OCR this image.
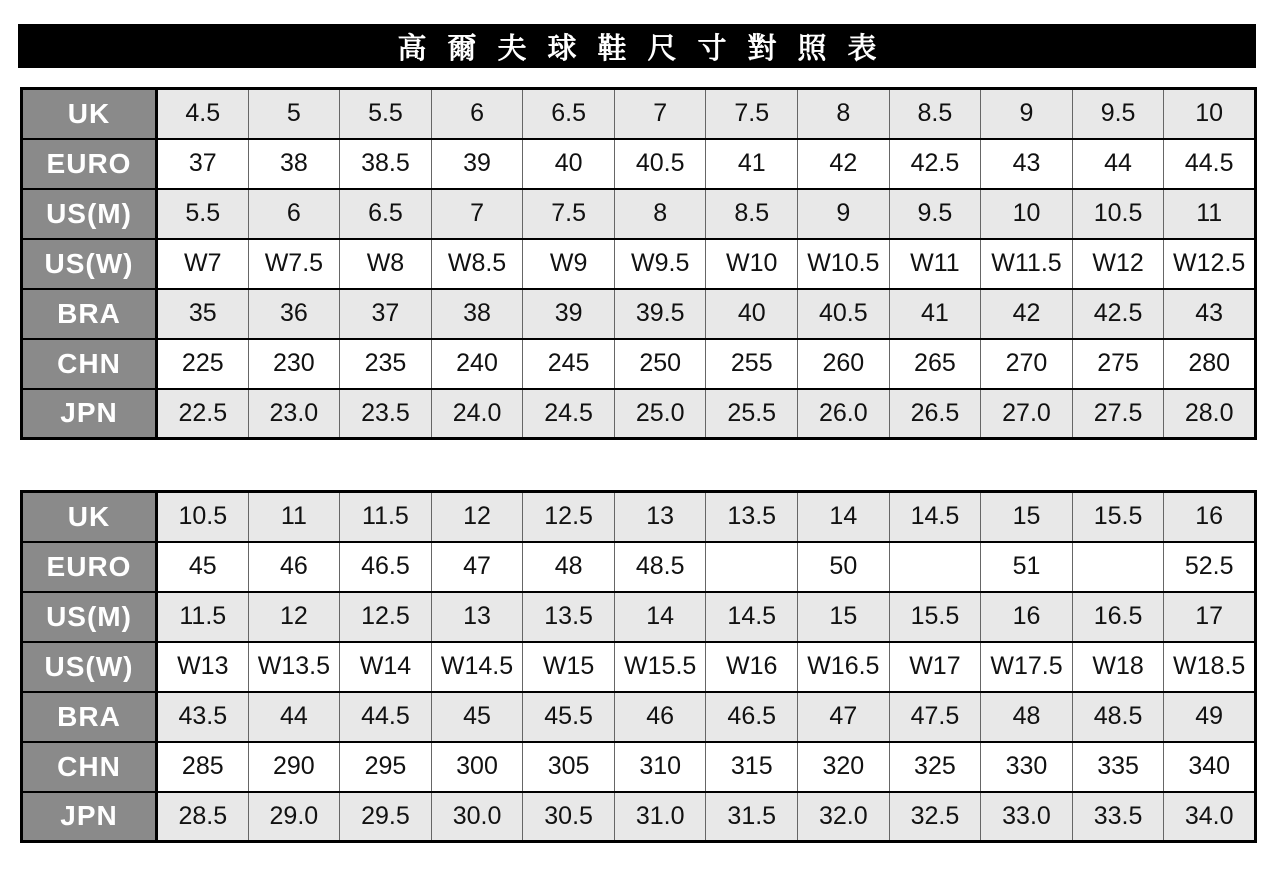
高爾夫球鞋尺寸對照表
UK	4.5	5	5.5	6	6.5	7	7.5	8	8.5	9	9.5	10
EURO	37	38	38.5	39	40	40.5	41	42	42.5	43	44	44.5
US(M)	5.5	6	6.5	7	7.5	8	8.5	9	9.5	10	10.5	11
US(W)	W7	W7.5	W8	W8.5	W9	W9.5	W10	W10.5	W11	W11.5	W12	W12.5
BRA	35	36	37	38	39	39.5	40	40.5	41	42	42.5	43
CHN	225	230	235	240	245	250	255	260	265	270	275	280
JPN	22.5	23.0	23.5	24.0	24.5	25.0	25.5	26.0	26.5	27.0	27.5	28.0
UK	10.5	11	11.5	12	12.5	13	13.5	14	14.5	15	15.5	16
EURO	45	46	46.5	47	48	48.5		50		51		52.5
US(M)	11.5	12	12.5	13	13.5	14	14.5	15	15.5	16	16.5	17
US(W)	W13	W13.5	W14	W14.5	W15	W15.5	W16	W16.5	W17	W17.5	W18	W18.5
BRA	43.5	44	44.5	45	45.5	46	46.5	47	47.5	48	48.5	49
CHN	285	290	295	300	305	310	315	320	325	330	335	340
JPN	28.5	29.0	29.5	30.0	30.5	31.0	31.5	32.0	32.5	33.0	33.5	34.0
